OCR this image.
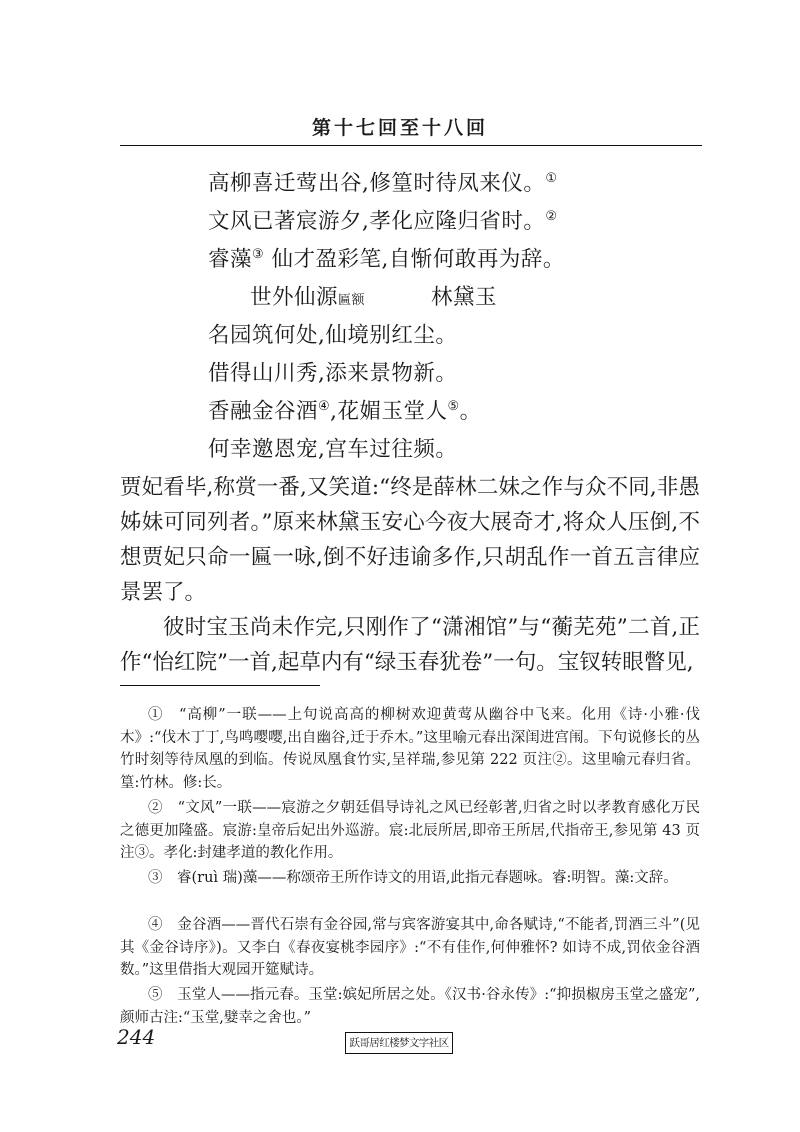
第十七回至十八回
高柳喜迁莺出谷,修篁时待凤来仪。①
文风已著宸游夕,孝化应隆归省时。②
睿藻③ 仙才盈彩笔,自惭何敢再为辞。
世外仙源匾额	林黛玉
名园筑何处,仙境别红尘。
借得山川秀,添来景物新。
香融金谷酒④,花媚玉堂人⑤。
何幸邀恩宠,宫车过往频。

贾妃看毕,称赏一番,又笑道:“终是薛林二妹之作与众不同,非愚姊妹可同列者。”原来林黛玉安心今夜大展奇才,将众人压倒,不想贾妃只命一匾一咏,倒不好违谕多作,只胡乱作一首五言律应景罢了。

彼时宝玉尚未作完,只刚作了“潇湘馆”与“蘅芜苑”二首,正作“怡红院”一首,起草内有“绿玉春犹卷”一句。宝钗转眼瞥见,

①　“高柳”一联——上句说高高的柳树欢迎黄莺从幽谷中飞来。化用《诗·小雅·伐木》:“伐木丁丁,鸟鸣嘤嘤,出自幽谷,迁于乔木。”这里喻元春出深闺进宫闱。下句说修长的丛竹时刻等待凤凰的到临。传说凤凰食竹实,呈祥瑞,参见第 222 页注②。这里喻元春归省。篁:竹林。修:长。

②　“文风”一联——宸游之夕朝廷倡导诗礼之风已经彰著,归省之时以孝教育感化万民之德更加隆盛。宸游:皇帝后妃出外巡游。宸:北辰所居,即帝王所居,代指帝王,参见第 43 页注③。孝化:封建孝道的教化作用。

③　睿(ruì 瑞)藻——称颂帝王所作诗文的用语,此指元春题咏。睿:明智。藻:文辞。

④　金谷酒——晋代石崇有金谷园,常与宾客游宴其中,命各赋诗,“不能者,罚酒三斗”(见其《金谷诗序》)。又李白《春夜宴桃李园序》:“不有佳作,何伸雅怀? 如诗不成,罚依金谷酒数。”这里借指大观园开筵赋诗。

⑤　玉堂人——指元春。玉堂:嫔妃所居之处。《汉书·谷永传》:“抑损椒房玉堂之盛宠”,颜师古注:“玉堂,嬖幸之舍也。”

244	跃哥居红楼梦文字社区
